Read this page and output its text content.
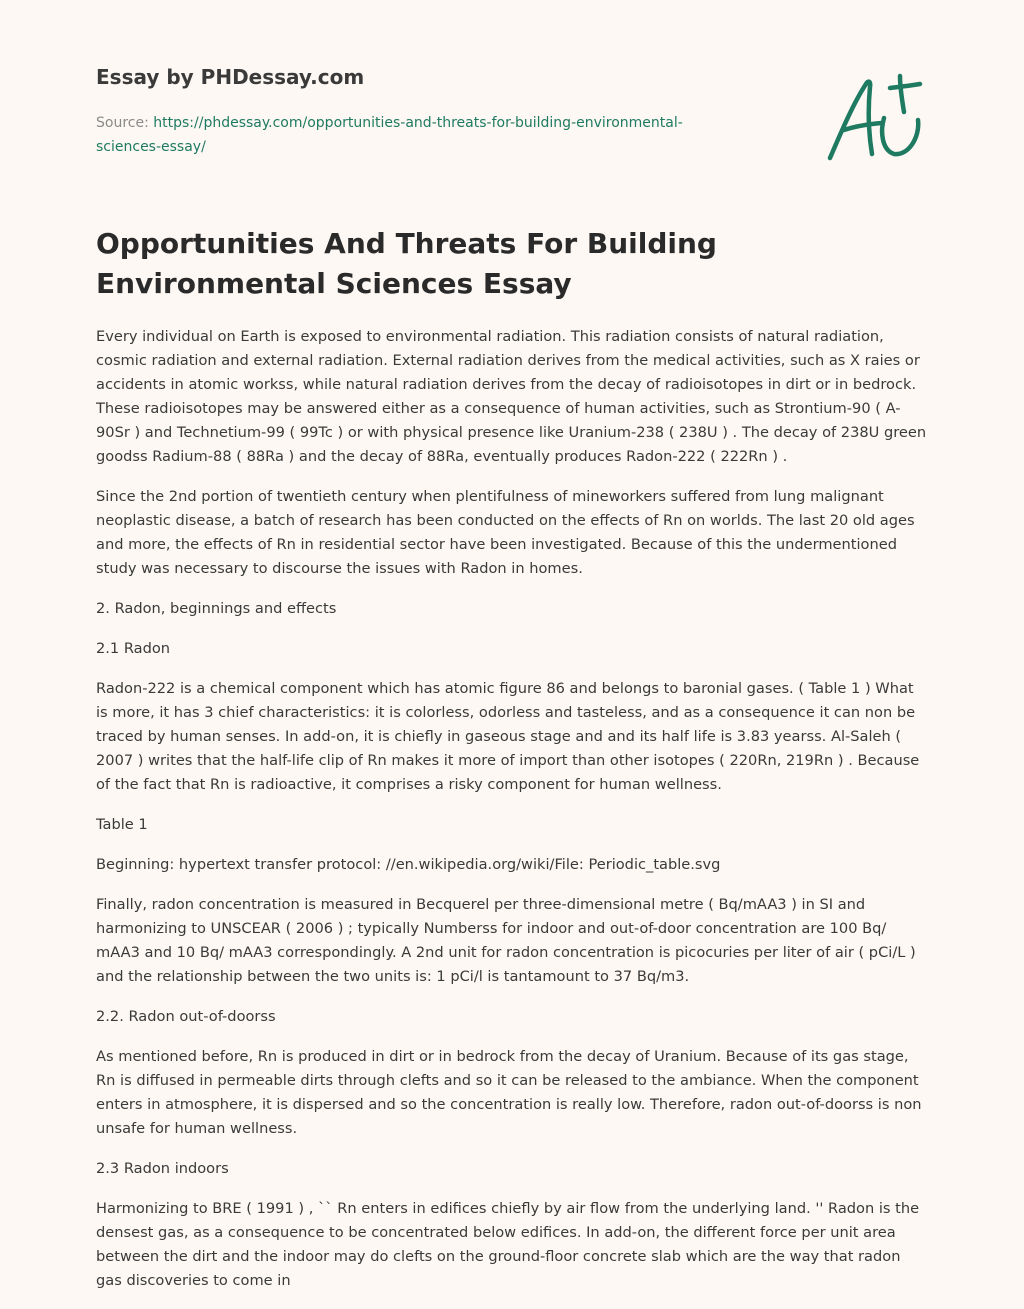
Essay by PHDessay.com

Source: https://phdessay.com/opportunities-and-threats-for-building-environmental-sciences-essay/
Opportunities And Threats For Building Environmental Sciences Essay

Every individual on Earth is exposed to environmental radiation. This radiation consists of natural radiation, cosmic radiation and external radiation. External radiation derives from the medical activities, such as X raies or accidents in atomic workss, while natural radiation derives from the decay of radioisotopes in dirt or in bedrock. These radioisotopes may be answered either as a consequence of human activities, such as Strontium-90 ( A-90Sr ) and Technetium-99 ( 99Tc ) or with physical presence like Uranium-238 ( 238U ) . The decay of 238U green goodss Radium-88 ( 88Ra ) and the decay of 88Ra, eventually produces Radon-222 ( 222Rn ) .

Since the 2nd portion of twentieth century when plentifulness of mineworkers suffered from lung malignant neoplastic disease, a batch of research has been conducted on the effects of Rn on worlds. The last 20 old ages and more, the effects of Rn in residential sector have been investigated. Because of this the undermentioned study was necessary to discourse the issues with Radon in homes.

2. Radon, beginnings and effects

2.1 Radon

Radon-222 is a chemical component which has atomic figure 86 and belongs to baronial gases. ( Table 1 ) What is more, it has 3 chief characteristics: it is colorless, odorless and tasteless, and as a consequence it can non be traced by human senses. In add-on, it is chiefly in gaseous stage and and its half life is 3.83 yearss. Al-Saleh ( 2007 ) writes that the half-life clip of Rn makes it more of import than other isotopes ( 220Rn, 219Rn ) . Because of the fact that Rn is radioactive, it comprises a risky component for human wellness.

Table 1

Beginning: hypertext transfer protocol: //en.wikipedia.org/wiki/File: Periodic_table.svg

Finally, radon concentration is measured in Becquerel per three-dimensional metre ( Bq/mAA3 ) in SI and harmonizing to UNSCEAR ( 2006 ) ; typically Numberss for indoor and out-of-door concentration are 100 Bq/ mAA3 and 10 Bq/ mAA3 correspondingly. A 2nd unit for radon concentration is picocuries per liter of air ( pCi/L ) and the relationship between the two units is: 1 pCi/l is tantamount to 37 Bq/m3.

2.2. Radon out-of-doorss

As mentioned before, Rn is produced in dirt or in bedrock from the decay of Uranium. Because of its gas stage, Rn is diffused in permeable dirts through clefts and so it can be released to the ambiance. When the component enters in atmosphere, it is dispersed and so the concentration is really low. Therefore, radon out-of-doorss is non unsafe for human wellness.

2.3 Radon indoors

Harmonizing to BRE ( 1991 ) , `` Rn enters in edifices chiefly by air flow from the underlying land. '' Radon is the densest gas, as a consequence to be concentrated below edifices. In add-on, the different force per unit area between the dirt and the indoor may do clefts on the ground-floor concrete slab which are the way that radon gas discoveries to come in
